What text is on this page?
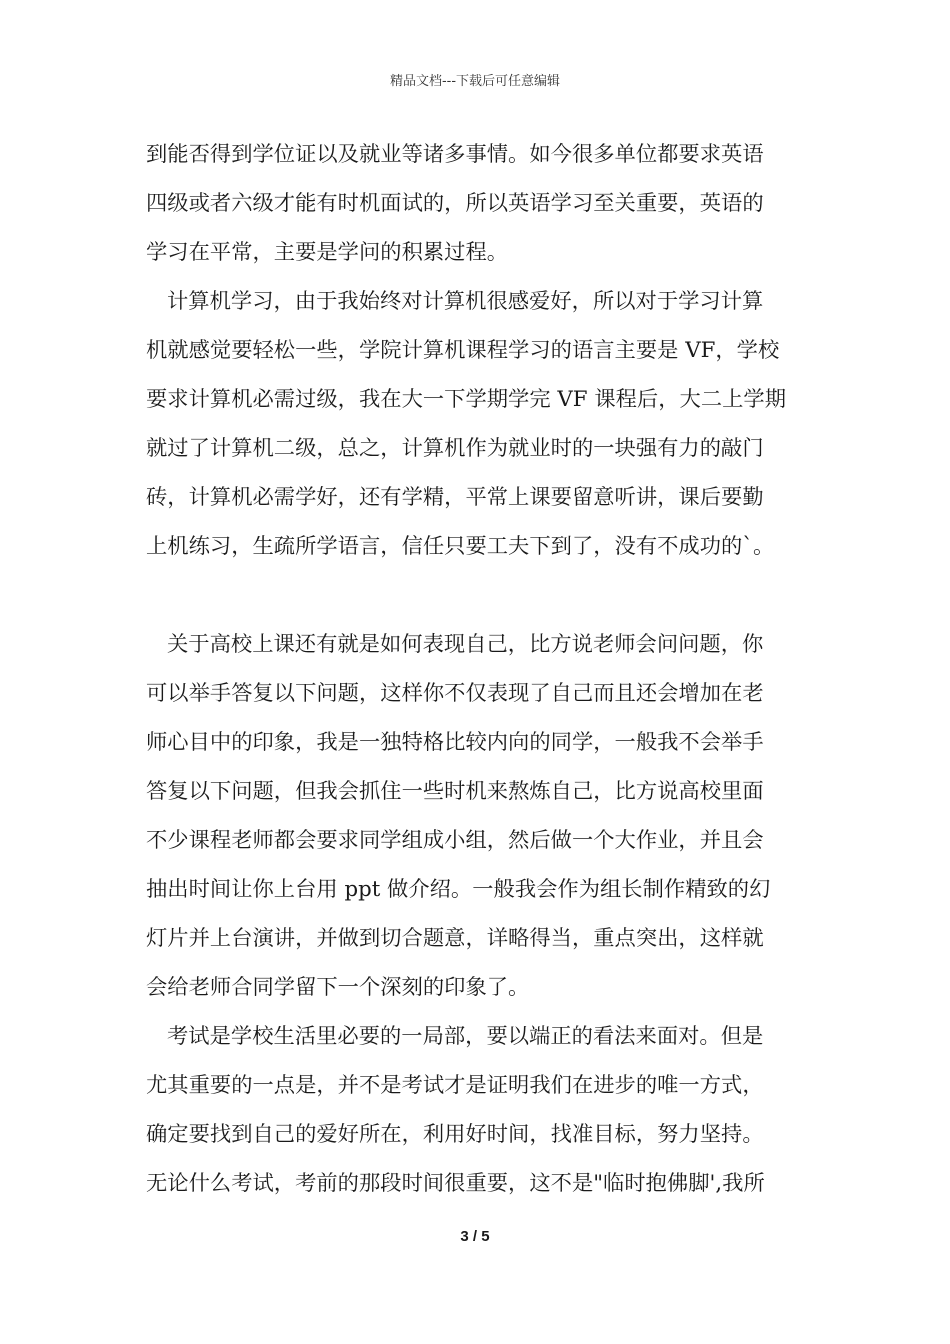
精品文档---下载后可任意编辑

到能否得到学位证以及就业等诸多事情。如今很多单位都要求英语
四级或者六级才能有时机面试的，所以英语学习至关重要，英语的
学习在平常，主要是学问的积累过程。

计算机学习，由于我始终对计算机很感爱好，所以对于学习计算
机就感觉要轻松一些，学院计算机课程学习的语言主要是 VF，学校
要求计算机必需过级，我在大一下学期学完 VF 课程后，大二上学期
就过了计算机二级，总之，计算机作为就业时的一块强有力的敲门
砖，计算机必需学好，还有学精，平常上课要留意听讲，课后要勤
上机练习，生疏所学语言，信任只要工夫下到了，没有不成功的`。

关于高校上课还有就是如何表现自己，比方说老师会问问题，你
可以举手答复以下问题，这样你不仅表现了自己而且还会增加在老
师心目中的印象，我是一独特格比较内向的同学，一般我不会举手
答复以下问题，但我会抓住一些时机来熬炼自己，比方说高校里面
不少课程老师都会要求同学组成小组，然后做一个大作业，并且会
抽出时间让你上台用 ppt 做介绍。一般我会作为组长制作精致的幻
灯片并上台演讲，并做到切合题意，详略得当，重点突出，这样就
会给老师合同学留下一个深刻的印象了。

考试是学校生活里必要的一局部，要以端正的看法来面对。但是
尤其重要的一点是，并不是考试才是证明我们在进步的唯一方式，
确定要找到自己的爱好所在，利用好时间，找准目标，努力坚持。
无论什么考试，考前的那段时间很重要，这不是"临时抱佛脚',我所

3 / 5
